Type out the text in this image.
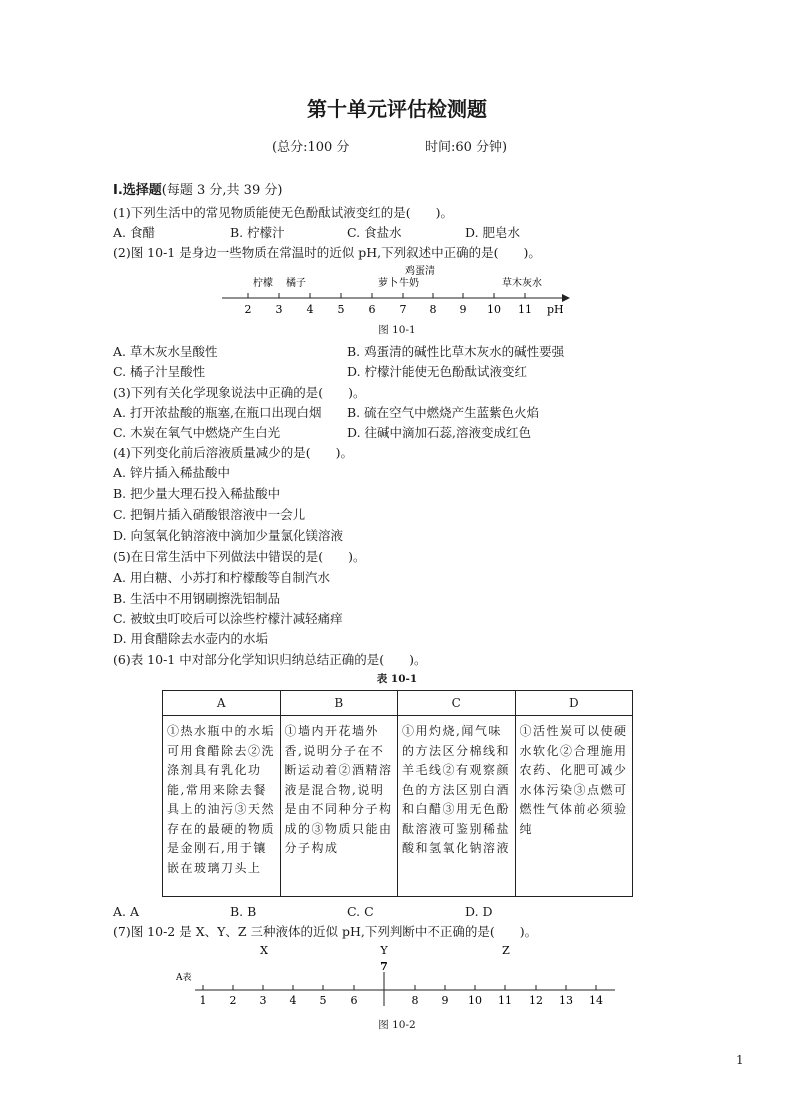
第十单元评估检测题
(总分:100 分	时间:60 分钟)
Ⅰ.选择题(每题 3 分,共 39 分)
(1)下列生活中的常见物质能使无色酚酞试液变红的是(　　)。
A. 食醋	B. 柠檬汁	C. 食盐水	D. 肥皂水
(2)图 10-1 是身边一些物质在常温时的近似 pH,下列叙述中正确的是(　　)。
柠檬 橘子	萝卜 牛奶
鸡蛋清
草木灰水
2 3 4 5 6 7 8 9 10 11 pH
图 10-1
A. 草木灰水呈酸性	B. 鸡蛋清的碱性比草木灰水的碱性要强
C. 橘子汁呈酸性	D. 柠檬汁能使无色酚酞试液变红
(3)下列有关化学现象说法中正确的是(　　)。
A. 打开浓盐酸的瓶塞,在瓶口出现白烟 B. 硫在空气中燃烧产生蓝紫色火焰
C. 木炭在氧气中燃烧产生白光	D. 往碱中滴加石蕊,溶液变成红色
(4)下列变化前后溶液质量减少的是(　　)。
A. 锌片插入稀盐酸中
B. 把少量大理石投入稀盐酸中
C. 把铜片插入硝酸银溶液中一会儿
D. 向氢氧化钠溶液中滴加少量氯化镁溶液
(5)在日常生活中下列做法中错误的是(　　)。
A. 用白糖、小苏打和柠檬酸等自制汽水
B. 生活中不用钢刷擦洗铝制品
C. 被蚊虫叮咬后可以涂些柠檬汁减轻痛痒
D. 用食醋除去水壶内的水垢
(6)表 10-1 中对部分化学知识归纳总结正确的是(　　)。
表 10-1
A	B	C	D
①热水瓶中的水垢可用食醋除去②洗涤剂具有乳化功能,常用来除去餐具上的油污③天然存在的最硬的物质是金刚石,用于镶嵌在玻璃刀头上	①墙内开花墙外香,说明分子在不断运动着②酒精溶液是混合物,说明是由不同种分子构成的③物质只能由分子构成	①用灼烧,闻气味的方法区分棉线和羊毛线②有观察颜色的方法区别白酒和白醋③用无色酚酞溶液可鉴别稀盐酸和氢氧化钠溶液	①活性炭可以使硬水软化②合理施用农药、化肥可减少水体污染③点燃可燃性气体前必须验纯
A. A	B. B	C. C	D. D
(7)图 10-2 是 X、Y、Z 三种液体的近似 pH,下列判断中不正确的是(　　)。
X	Y	Z
7
A表
1 2 3 4 5 6	8 9 10 11 12 13 14
图 10-2
1
